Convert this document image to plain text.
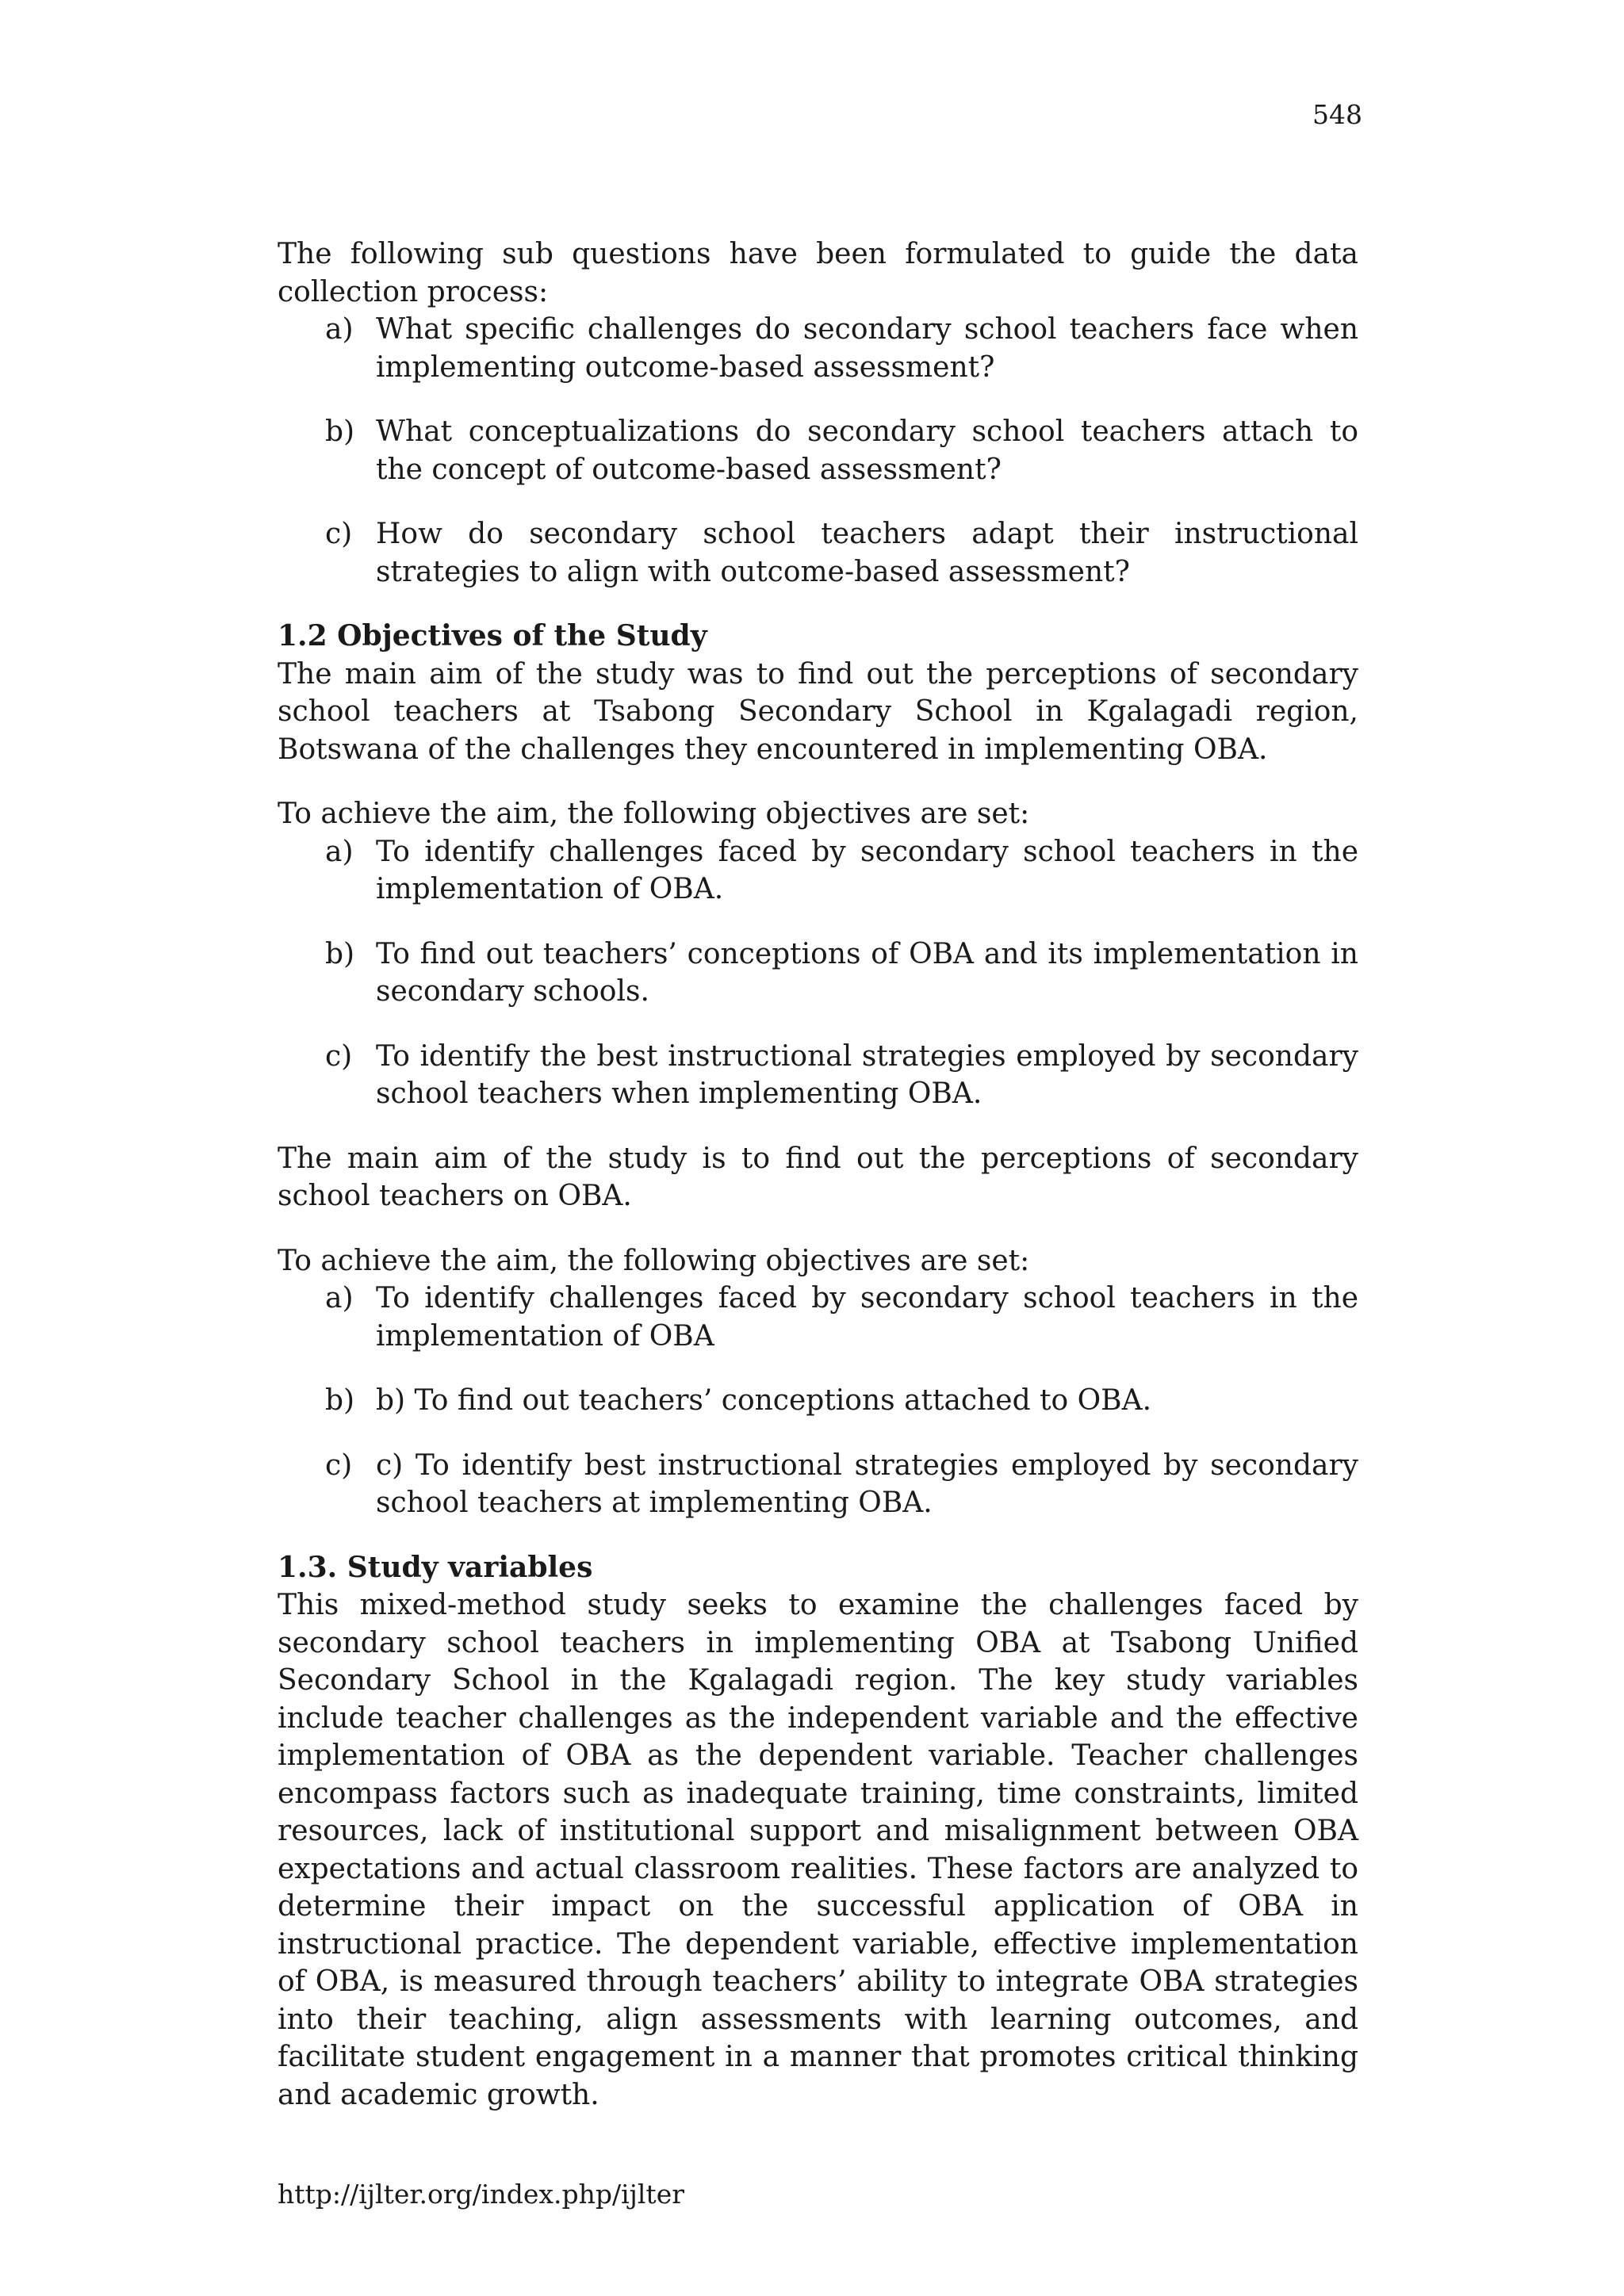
548

The following sub questions have been formulated to guide the data collection process:

a) What specific challenges do secondary school teachers face when implementing outcome-based assessment?
b) What conceptualizations do secondary school teachers attach to the concept of outcome-based assessment?
c) How do secondary school teachers adapt their instructional strategies to align with outcome-based assessment?
1.2 Objectives of the Study

The main aim of the study was to find out the perceptions of secondary school teachers at Tsabong Secondary School in Kgalagadi region, Botswana of the challenges they encountered in implementing OBA.

To achieve the aim, the following objectives are set:

a) To identify challenges faced by secondary school teachers in the implementation of OBA.
b) To find out teachers’ conceptions of OBA and its implementation in secondary schools.
c) To identify the best instructional strategies employed by secondary school teachers when implementing OBA.

The main aim of the study is to find out the perceptions of secondary school teachers on OBA.

To achieve the aim, the following objectives are set:

a) To identify challenges faced by secondary school teachers in the implementation of OBA
b) b) To find out teachers’ conceptions attached to OBA.
c) c) To identify best instructional strategies employed by secondary school teachers at implementing OBA.
1.3. Study variables

This mixed-method study seeks to examine the challenges faced by secondary school teachers in implementing OBA at Tsabong Unified Secondary School in the Kgalagadi region. The key study variables include teacher challenges as the independent variable and the effective implementation of OBA as the dependent variable. Teacher challenges encompass factors such as inadequate training, time constraints, limited resources, lack of institutional support and misalignment between OBA expectations and actual classroom realities. These factors are analyzed to determine their impact on the successful application of OBA in instructional practice. The dependent variable, effective implementation of OBA, is measured through teachers’ ability to integrate OBA strategies into their teaching, align assessments with learning outcomes, and facilitate student engagement in a manner that promotes critical thinking and academic growth.

http://ijlter.org/index.php/ijlter
